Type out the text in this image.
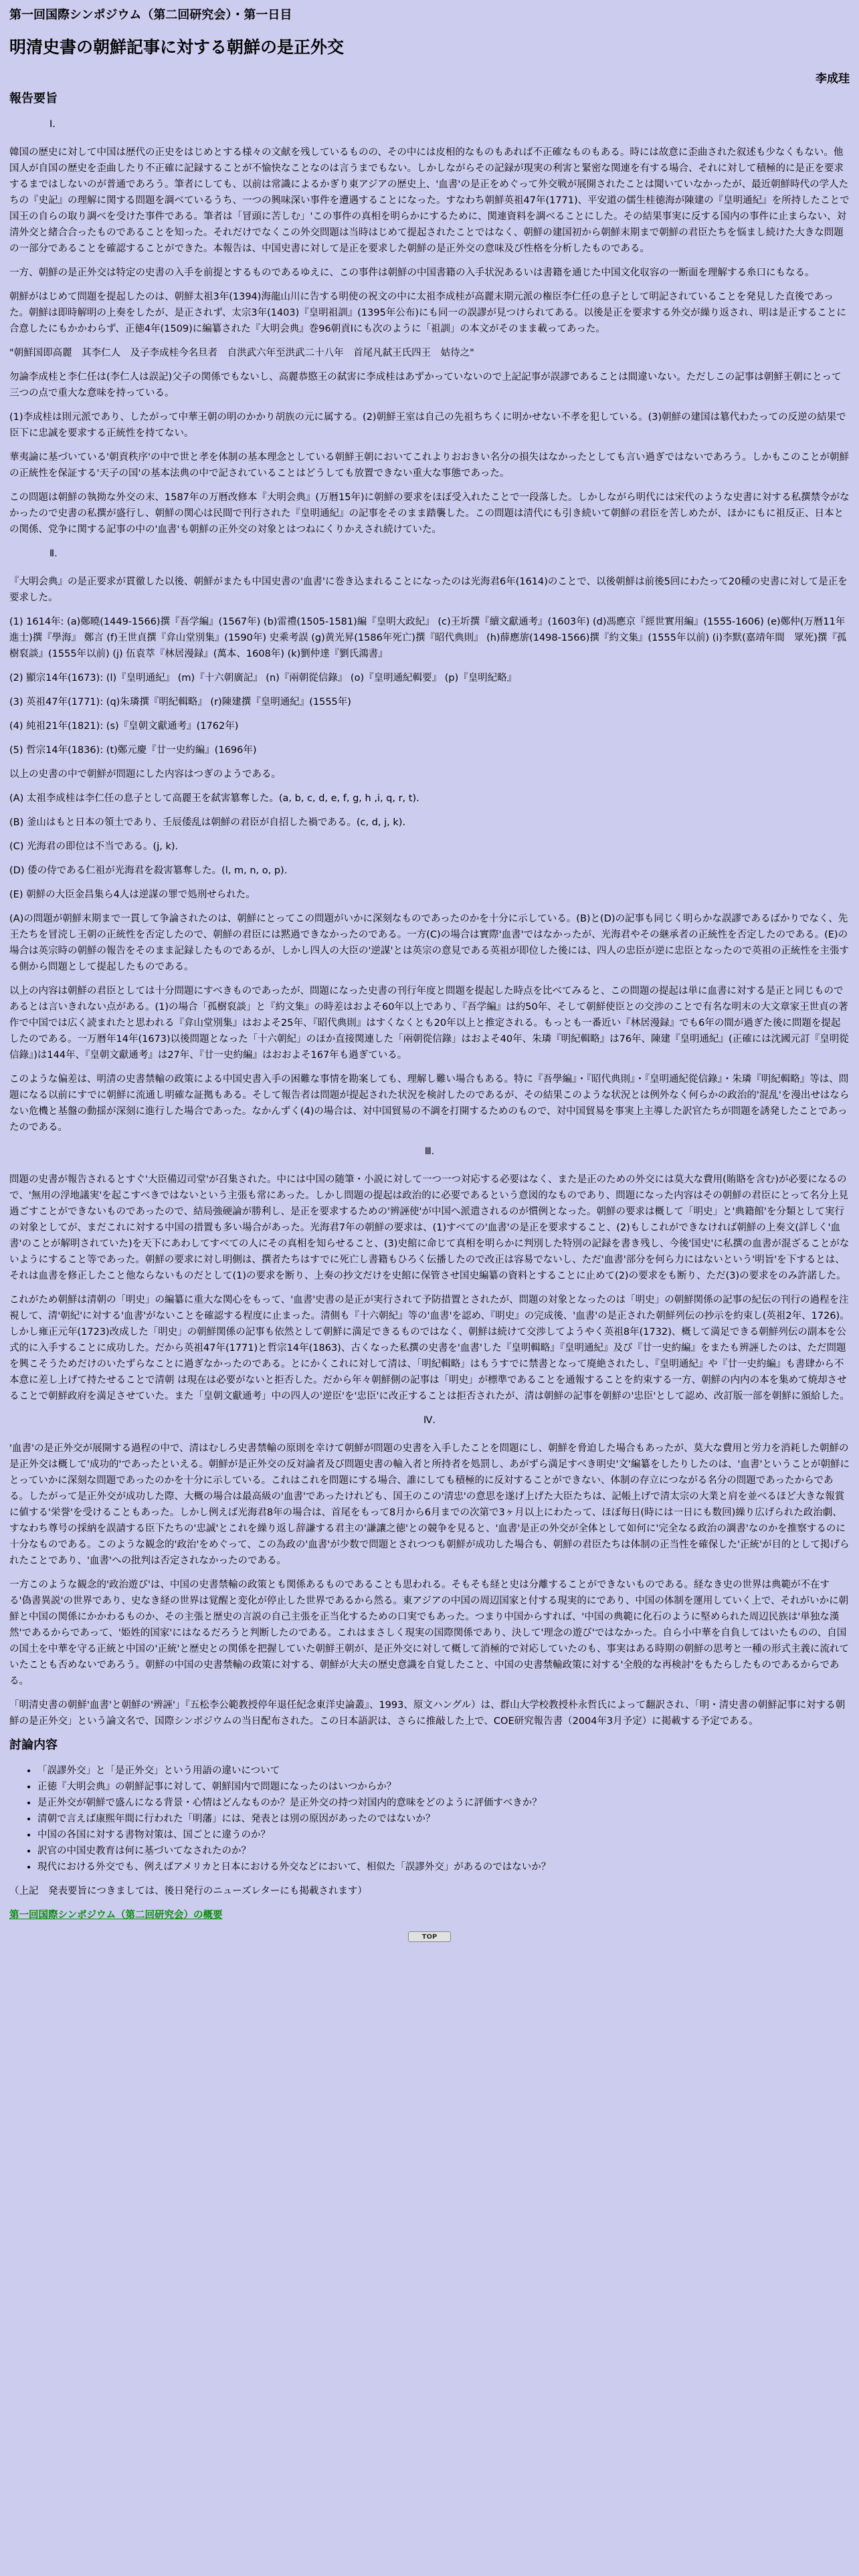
第一回国際シンポジウム（第二回研究会）・第一日目
明清史書の朝鮮記事に対する朝鮮の是正外交
李成珪
報告要旨
Ⅰ.

韓国の歴史に対して中国は歴代の正史をはじめとする様々の文献を残しているものの、その中には皮相的なものもあれば不正確なものもある。時には故意に歪曲された叙述も少なくもない。他国人が自国の歴史を歪曲したり不正確に記録することが不愉快なことなのは言うまでもない。しかしながらその記録が現実の利害と緊密な関連を有する場合、それに対して積極的に是正を要求するまではしないのが普通であろう。筆者にしても、以前は常識によるかぎり東アジアの歴史上、'血書'の是正をめぐって外交戦が展開されたことは聞いていなかったが、最近朝鮮時代の学人たちの『史記』の理解に関する問題を調べているうち、一つの興味深い事件を遭遇することになった。すなわち朝鮮英祖47年(1771)、平安道の儒生桂徳海が陳建の『皇明通紀』を所持したことで国王の自らの取り調べを受けた事件である。筆者は「冒頭に苦しむ」'この事件の真相を明らかにするために、関連資料を調べることにした。その結果事実に反する国内の事件に止まらない、対清外交と緒合合ったものであることを知った。それだけでなくこの外交問題は当時はじめて提起されたことではなく、朝鮮の建国初から朝鮮末期まで朝鮮の君臣たちを悩まし続けた大きな問題の一部分であることを確認することができた。本報告は、中国史書に対して是正を要求した朝鮮の是正外交の意味及び性格を分析したものである。

一方、朝鮮の是正外交は特定の史書の入手を前提とするものであるゆえに、この事件は朝鮮の中国書籍の入手状況あるいは書籍を通じた中国文化収容の一断面を理解する糸口にもなる。

朝鮮がはじめて問題を提起したのは、朝鮮太祖3年(1394)海龍山川に告する明使の祝文の中に太祖李成桂が高麗末期元派の権臣李仁任の息子として明記されていることを発見した直後であった。朝鮮は即時解明の上奏をしたが、是正されず、太宗3年(1403)『皇明祖訓』(1395年公布)にも同一の誤謬が見つけられてある。以後是正を要求する外交が繰り返され、明は是正することに合意したにもかかわらず、正徳4年(1509)に編纂された『大明会典』巻96朝貢Ⅰにも次のように「祖訓」の本文がそのまま載ってあった。

"朝鮮国即高麗　其李仁人　及子李成桂今名旦者　自洪武六年至洪武二十八年　首尾凡弑王氏四王　姑待之"

勿論李成桂と李仁任は(李仁人は誤記)父子の関係でもないし、高麗恭愍王の弑害に李成桂はあずかっていないので上記記事が誤謬であることは間違いない。ただしこの記事は朝鮮王朝にとって三つの点で重大な意味を持っている。

(1)李成桂は則元派であり、したがって中華王朝の明のかかり胡族の元に属する。(2)朝鮮王室は自己の先祖ちちくに明かせない不孝を犯している。(3)朝鮮の建国は簒代わたっての反逆の結果で臣下に忠誠を要求する正統性を持てない。

華夷論に基づいている'朝貢秩序'の中で世と孝を体制の基本理念としている朝鮮王朝においてこれよりおおきい名分の損失はなかったとしても言い過ぎではないであろう。しかもこのことが朝鮮の正統性を保証する'天子の国'の基本法典の中で記されていることはどうしても放置できない重大な事態であった。

この問題は朝鮮の執拗な外交の末、1587年の万暦改修本『大明会典』(万暦15年)に朝鮮の要求をほぼ受入れたことで一段落した。しかしながら明代には宋代のような史書に対する私撰禁令がなかったので史書の私撰が盛行し、朝鮮の関心は民間で刊行された『皇明通紀』の記事をそのまま踏襲した。この問題は清代にも引き続いて朝鮮の君臣を苦しめたが、ほかにもに祖反正、日本との関係、党争に関する記事の中の'血書'も朝鮮の正外交の対象とはつねにくりかえされ続けていた。

Ⅱ.

『大明会典』の是正要求が貫徹した以後、朝鮮がまたも中国史書の'血書'に巻き込まれることになったのは光海君6年(1614)のことで、以後朝鮮は前後5回にわたって20種の史書に対して是正を要求した。

(1) 1614年: (a)鄭曉(1449-1566)撰『吾学編』(1567年) (b)雷禮(1505-1581)編『皇明大政紀』 (c)王圻撰『續文獻通考』(1603年) (d)馮應京『經世實用編』(1555-1606) (e)鄭仲(万暦11年進士)撰『學海』 鄭言 (f)王世貞撰『弇山堂別集』(1590年) 史乘考誤 (g)黄光昇(1586年死亡)撰『昭代典則』 (h)薛應旂(1498-1566)撰『約文集』(1555年以前) (i)李默(嘉靖年間　眾死)撰『孤樹裒談』(1555年以前) (j) 伍袁萃『林居漫録』(萬本、1608年) (k)劉仲達『劉氏鴻書』

(2) 顯宗14年(1673): (l)『皇明通紀』 (m)『十六朝廣記』 (n)『兩朝從信錄』 (o)『皇明通紀輯要』 (p)『皇明紀略』

(3) 英祖47年(1771): (q)朱璘撰『明紀輯略』 (r)陳建撰『皇明通紀』(1555年)

(4) 純祖21年(1821): (s)『皇朝文獻通考』(1762年)

(5) 哲宗14年(1836): (t)鄭元慶『廿一史約編』(1696年)

以上の史書の中で朝鮮が問題にした内容はつぎのようである。

(A) 太祖李成桂は李仁任の息子として高麗王を弑害簒奪した。(a, b, c, d, e, f, g, h ,i, q, r, t).

(B) 釜山はもと日本の領土であり、壬辰倭乱は朝鮮の君臣が自招した禍である。(c, d, j, k).

(C) 光海君の即位は不当である。(j, k).

(D) 倭の侍である仁祖が光海君を殺害簒奪した。(l, m, n, o, p).

(E) 朝鮮の大臣金昌集ら4人は逆謀の罪で処刑せられた。

(A)の問題が朝鮮末期まで一貫して争論されたのは、朝鮮にとってこの問題がいかに深刻なものであったのかを十分に示している。(B)と(D)の記事も同じく明らかな誤謬であるばかりでなく、先王たちを冒涜し王朝の正統性を否定したので、朝鮮の君臣には黙過できなかったのである。一方(C)の場合は實際'血書'ではなかったが、光海君やその継承者の正統性を否定したのである。(E)の場合は英宗時の朝鮮の報告をそのまま記録したものであるが、しかし四人の大臣の'逆謀'とは英宗の意見である英祖が即位した後には、四人の忠臣が逆に忠臣となったので英祖の正統性を主張する側から問題として提起したものである。

以上の内容は朝鮮の君臣としては十分問題にすべきものであったが、問題になった史書の刊行年度と問題を提起した時点を比べてみると、この問題の提起は単に血書に対する是正と同じものであるとは言いきれない点がある。(1)の場合「孤樹裒談」と『約文集』の時差はおよそ60年以上であり、『吾学編』は約50年、そして朝鮮使臣との交渉のことで有名な明末の大文章家王世貞の著作で中国では広く読まれたと思われる『弇山堂別集』はおよそ25年、『昭代典則』はすくなくとも20年以上と推定される。もっとも一番近い『林居漫録』でも6年の間が過ぎた後に問題を提起したのである。一万暦年14年(1673)以後問題となった「十六朝紀」のほか直接関連した「兩朝從信錄」はおよそ40年、朱璘『明紀輯略』は76年、陳建『皇明通紀』(正確には沈國元訂『皇明從信錄』)は144年、『皇朝文獻通考』は27年、『廿一史約編』はおおよそ167年も過ぎている。

このような偏差は、明清の史書禁輸の政策による中国史書入手の困難な事情を勘案しても、理解し難い場合もある。特に『吾學編』・『昭代典則』・『皇明通紀從信錄』・朱璘『明紀輯略』等は、問題になる以前にすでに朝鮮に流通し明確な証拠もある。そして報告者は問題が提起された状況を検討したのであるが、その結果このような状況とは例外なく何らかの政治的'混乱'を漫出せはならない危機と基盤の動揺が深刻に進行した場合であった。なかんずく(4)の場合は、対中国貿易の不調を打開するためのもので、対中国貿易を事実上主導した訳官たちが問題を誘発したことであったのである。

Ⅲ.

問題の史書が報告されるとすぐ'大臣備辺司堂'が召集された。中には中国の随筆・小説に対して一つ一つ対応する必要はなく、また是正のための外交には莫大な費用(賄賂を含む)が必要になるので、'無用の浮地議実'を起こすべきではないという主張も常にあった。しかし問題の提起は政治的に必要であるという意図的なものであり、問題になった内容はその朝鮮の君臣にとって名分上見過ごすことができないものであったので、結局強硬論が勝利し、是正を要求するための'辨誣使'が中国へ派遣されるのが慣例となった。朝鮮の要求は概して「明史」と'典籍館'を分類として実行の対象としてが、まだこれに対する中国の措置も多い場合があった。光海君7年の朝鮮の要求は、(1)すべての'血書'の是正を要求すること、(2)もしこれができなければ朝鮮の上奏文(詳しく'血書'のことが解明されていた)を天下にあわしてすべての人にその真相を知らせること、(3)史館に命じて真相を明らかに判別した特別の記録を書き残し、今後'国史'に私撰の血書が混ざることがないようにすること等であった。朝鮮の要求に対し明側は、撰者たちはすでに死亡し書籍もひろく伝播したので改正は容易でないし、ただ'血書'部分を何ら力にはないという'明旨'を下するとは、それは血書を修正したこと他ならないものだとして(1)の要求を断り、上奏の抄文だけを史館に保管させ国史編纂の資料とすることに止めて(2)の要求をも断り、ただ(3)の要求をのみ許諾した。

これがため朝鮮は清朝の「明史」の編纂に重大な関心をもって、'血書'史書の是正が実行されて予防措置とされたが、問題の対象となったのは「明史」の朝鮮関係の記事の紀伝の刊行の過程を注視して、清'朝紀'に対する'血書'がないことを確認する程度に止まった。清側も『十六朝紀』等の'血書'を認め、『明史』の完成後、'血書'の是正された朝鮮列伝の抄示を約束し(英祖2年、1726)。しかし雍正元年(1723)改成した「明史」の朝鮮関係の記事も依然として朝鮮に満足できるものではなく、朝鮮は続けて交渉してようやく英祖8年(1732)、概して満足できる朝鮮列伝の副本を公式的に入手することに成功した。だから英祖47年(1771)と哲宗14年(1863)、古くなった私撰の史書を'血書'した『皇明輯略』『皇明通紀』及び『廿一史約編』をまたも辨誣したのは、ただ問題を興こそうためだけのいたずらなことに過ぎなかったのである。とにかくこれに対して清は、「明紀輯略」はもうすでに禁書となって廃絶されたし、『皇明通紀』や『廿一史約編』も書肆から不本意に差し上げて持たせることで清朝 は現在は必要がないと拒否した。だから年々朝鮮側の記事は「明史」が標準であることを通報することを約束する一方、朝鮮の内内の本を集めて焼却させることで朝鮮政府を満足させていた。また「皇朝文獻通考」中の四人の'逆臣'を'忠臣'に改正することは拒否されたが、清は朝鮮の記事を朝鮮の'忠臣'として認め、改訂版一部を朝鮮に頒給した。

Ⅳ.

'血書'の是正外交が展開する過程の中で、清はむしろ史書禁輸の原則を幸けて朝鮮が問題の史書を入手したことを問題にし、朝鮮を脅迫した場合もあったが、莫大な費用と労力を消耗した朝鮮の是正外交は概して'成功的'であったといえる。朝鮮が是正外交の反対論者及び問題史書の輸入者と所持者を処罰し、あがずら満足すべき明史'文'編纂をしたりしたのは、'血書'ということが朝鮮にとっていかに深刻な問題であったのかを十分に示している。これはこれを問題にする場合、誰にしても積極的に反対することができない、体制の存立につながる名分の問題であったからである。したがって是正外交が成功した際、大概の場合は最高級の'血書'であったけれども、国王のこの'清忠'の意思を遂げ上げた大臣たちは、記帳上げで清太宗の大業と肩を並べるほど大きな報賞に値する'栄誉'を受けることもあった。しかし例えば光海君8年の場合は、首尾をもって8月から6月までの次第で3ヶ月以上にわたって、ほぼ毎日(時には一日にも数回)繰り広げられた政治劇、すなわち尊号の採納を誤請する臣下たちの'忠誠'とこれを繰り返し辞謙する君主の'謙讓之徳'との競争を見ると、'血書'是正の外交が全体として如何に'完全なる政治の調書'なのかを推察するのに十分なものである。このような観念的'政治'をめぐって、この為政の'血書'が少数で問題とされつつも朝鮮が成功した場合も、朝鮮の君臣たちは体制の正当性を確保した'正統'が目的として掲げられたことであり、'血書'への批判は否定されなかったのである。

一方このような観念的'政治遊び'は、中国の史書禁輸の政策とも関係あるものであることも思われる。そもそも経と史は分離することができないものである。経なき史の世界は典範が不在する'偽書異説'の世界であり、史なき経の世界は覚醒と変化が停止した世界であるから然る。東アジアの中国の周辺国家と付する現実的にであり、中国の体制を運用していく上で、それがいかに朝鮮と中国の関係にかかわるものか、その主張と歴史の言説の自己主張を正当化するための口実でもあった。つまり中国からすれば、'中国の典範に化石のように堅められた周辺民族は'単独な漢然'であるからであって、'姫姓的国家'にはなるだろうと判断したのである。これはまさしく現実の国際関係であり、決して'理念の遊び'ではなかった。自ら小中華を自負してはいたものの、自国の国土を中華を守る正統と中国の'正統'と歴史との関係を把握していた朝鮮王朝が、是正外交に対して概して消極的で対応していたのも、事実はある時期の朝鮮の思考と一種の形式主義に流れていたことも否めないであろう。朝鮮の中国の史書禁輸の政策に対する、朝鮮が大夫の歴史意識を自覚したこと、中国の史書禁輸政策に対する'全般的な再検討'をもたらしたものであるからである。

「明清史書の朝鮮'血書'と朝鮮の'辨誣'」『五松李公範教授停年退任紀念東洋史論叢』、1993、原文ハングル）は、群山大学校教授朴永哲氏によって翻訳され、「明・清史書の朝鮮記事に対する朝鮮の是正外交」という論文名で、国際シンポジウムの当日配布された。この日本語訳は、さらに推敲した上で、COE研究報告書（2004年3月予定）に掲載する予定である。

討論内容
• 「誤謬外交」と「是正外交」という用語の違いについて
• 正徳『大明会典』の朝鮮記事に対して、朝鮮国内で問題になったのはいつからか？
• 是正外交が朝鮮で盛んになる背景・心情はどんなものか？是正外交の持つ対国内的意味をどのように評価すべきか？
• 清朝で言えば康熙年間に行われた「明藩」には、発表とは別の原因があったのではないか？
• 中国の各国に対する書物対策は、国ごとに違うのか？
• 訳官の中国史教育は何に基づいてなされたのか？
• 現代における外交でも、例えばアメリカと日本における外交などにおいて、相似た「誤謬外交」があるのではないか？

（上記　発表要旨につきましては、後日発行のニューズレターにも掲載されます）

第一回国際シンポジウム（第二回研究会）の概要

TOP
